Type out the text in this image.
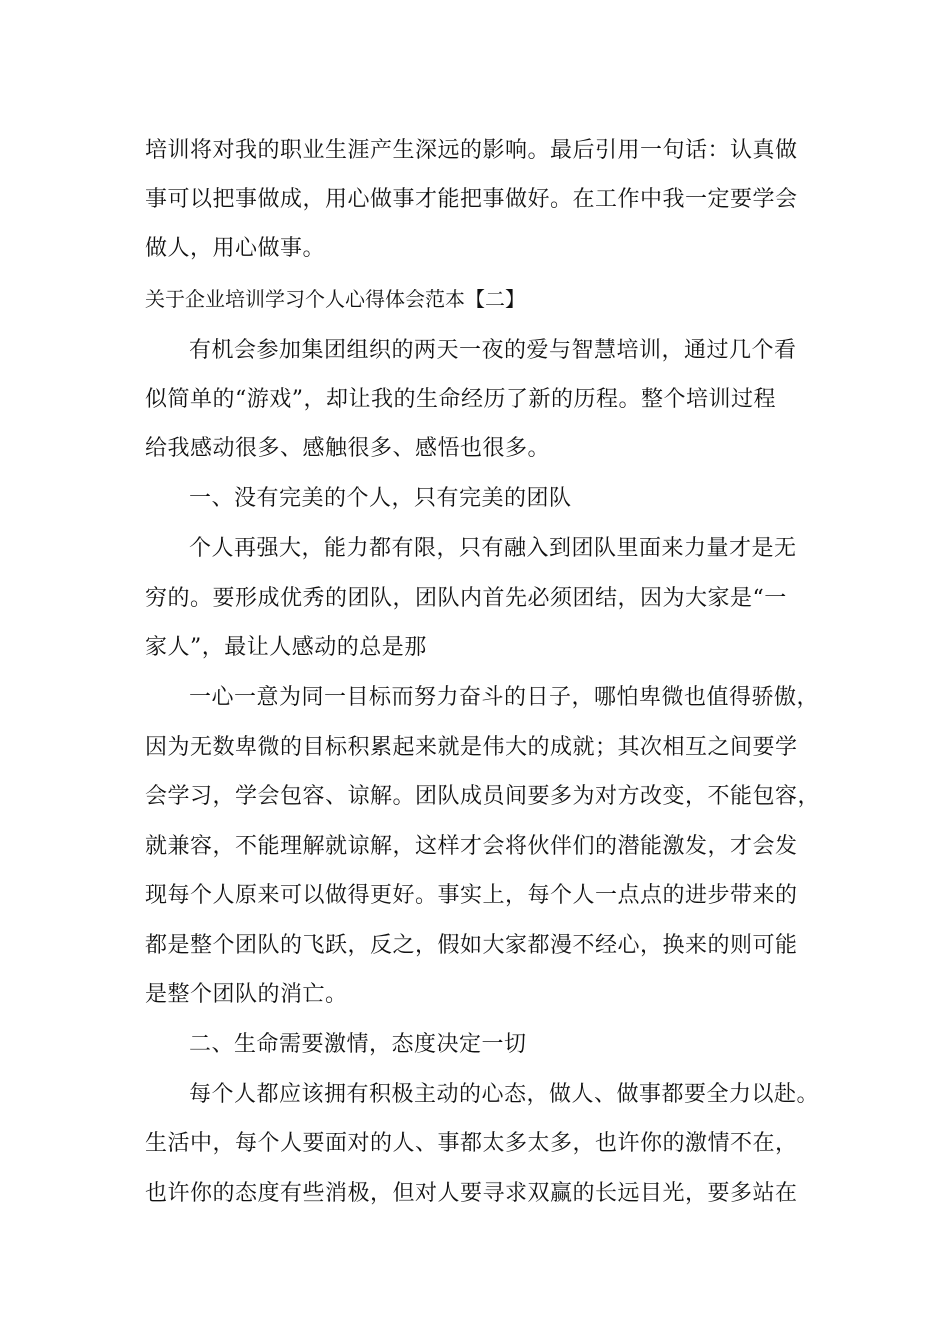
培训将对我的职业生涯产生深远的影响。最后引用一句话：认真做
事可以把事做成，用心做事才能把事做好。在工作中我一定要学会
做人，用心做事。
关于企业培训学习个人心得体会范本【二】
有机会参加集团组织的两天一夜的爱与智慧培训，通过几个看
似简单的“游戏”，却让我的生命经历了新的历程。整个培训过程
给我感动很多、感触很多、感悟也很多。
一、没有完美的个人，只有完美的团队
个人再强大，能力都有限，只有融入到团队里面来力量才是无
穷的。要形成优秀的团队，团队内首先必须团结，因为大家是“一
家人”，最让人感动的总是那
一心一意为同一目标而努力奋斗的日子，哪怕卑微也值得骄傲，
因为无数卑微的目标积累起来就是伟大的成就；其次相互之间要学
会学习，学会包容、谅解。团队成员间要多为对方改变，不能包容，
就兼容，不能理解就谅解，这样才会将伙伴们的潜能激发，才会发
现每个人原来可以做得更好。事实上，每个人一点点的进步带来的
都是整个团队的飞跃，反之，假如大家都漫不经心，换来的则可能
是整个团队的消亡。
二、生命需要激情，态度决定一切
每个人都应该拥有积极主动的心态，做人、做事都要全力以赴。
生活中，每个人要面对的人、事都太多太多，也许你的激情不在，
也许你的态度有些消极，但对人要寻求双赢的长远目光，要多站在
